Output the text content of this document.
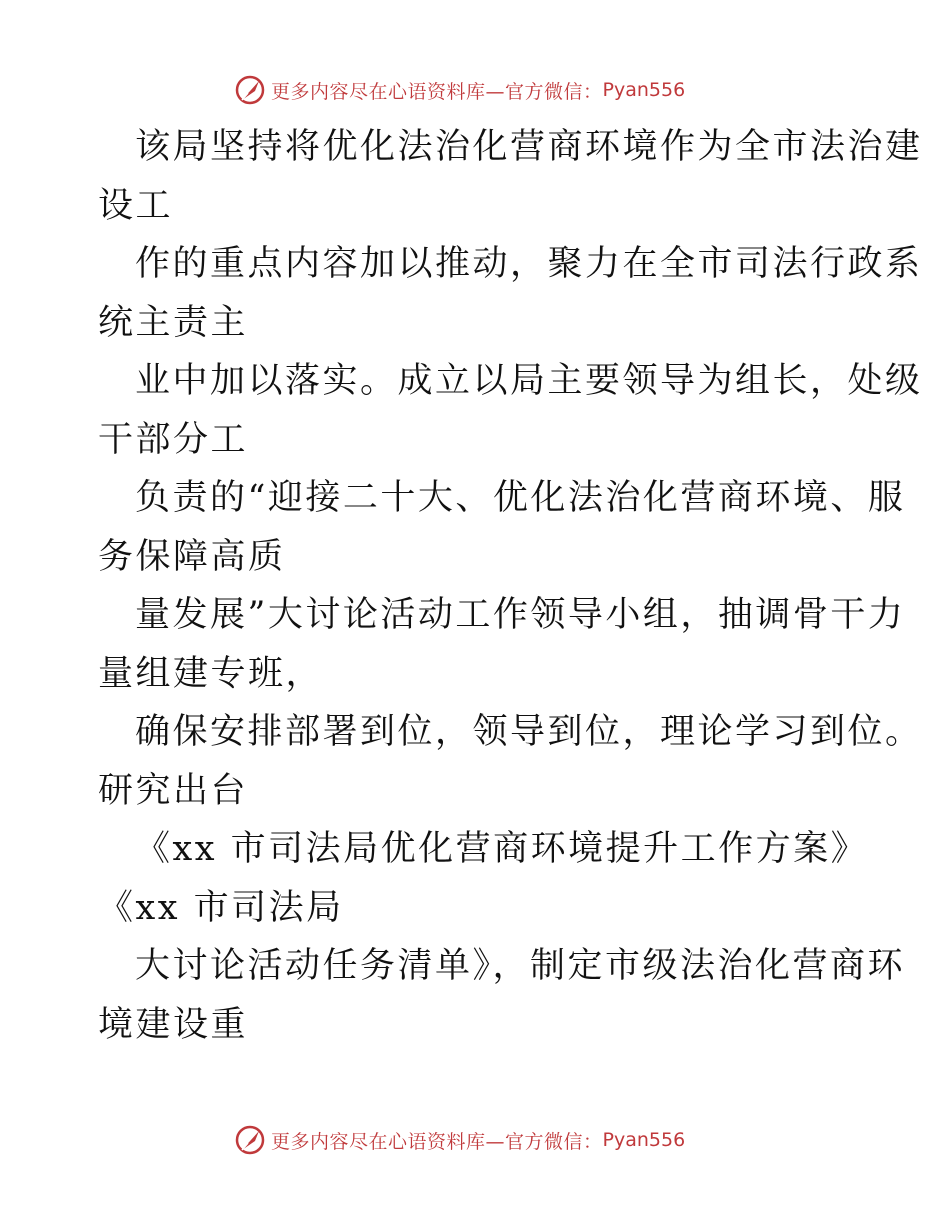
更多内容尽在心语资料库—官方微信： Pyan556
该局坚持将优化法治化营商环境作为全市法治建
设工
作的重点内容加以推动，聚力在全市司法行政系
统主责主
业中加以落实。成立以局主要领导为组长，处级
干部分工
负责的“迎接二十大、优化法治化营商环境、服
务保障高质
量发展”大讨论活动工作领导小组，抽调骨干力
量组建专班，
确保安排部署到位，领导到位，理论学习到位。
研究出台
《xx 市司法局优化营商环境提升工作方案》
《xx 市司法局
大讨论活动任务清单》，制定市级法治化营商环
境建设重
更多内容尽在心语资料库—官方微信： Pyan556
